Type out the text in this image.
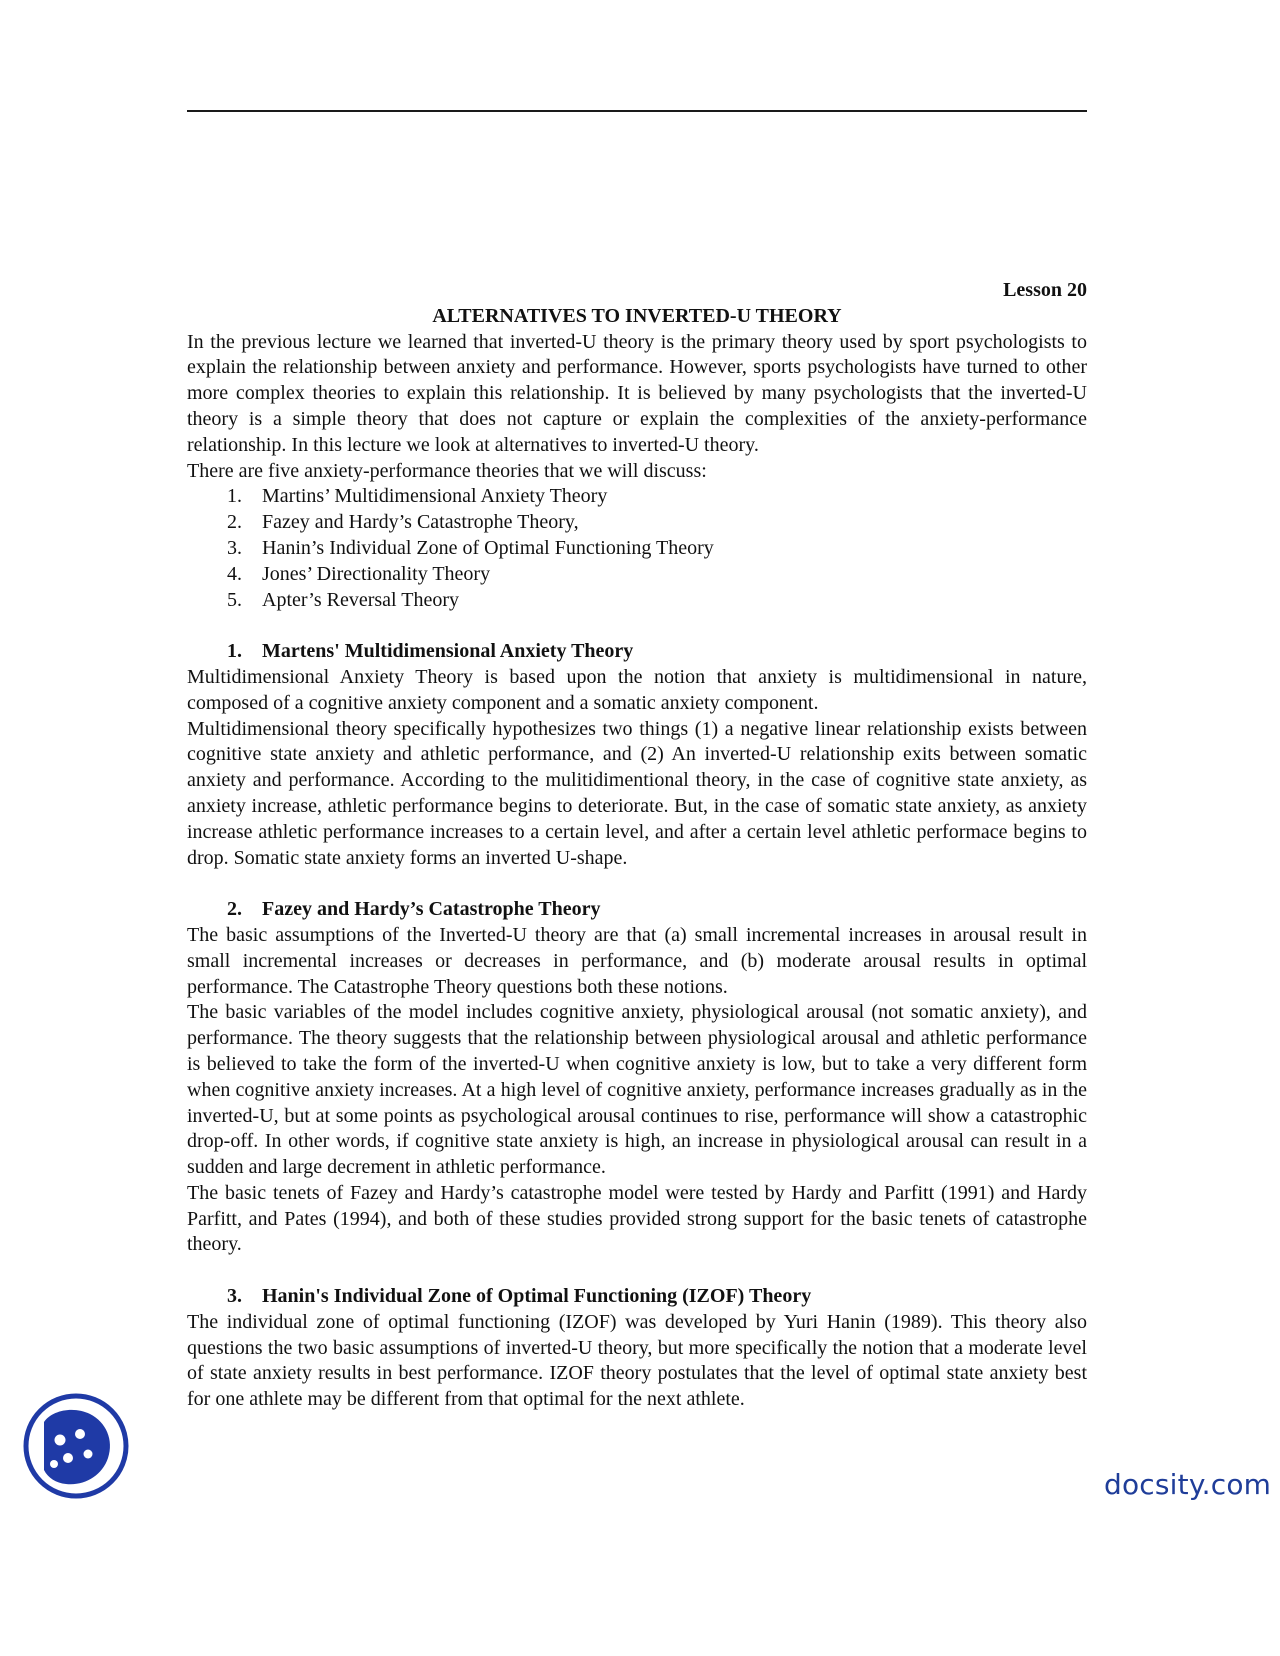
Lesson 20

ALTERNATIVES TO INVERTED-U THEORY

In the previous lecture we learned that inverted-U theory is the primary theory used by sport psychologists to explain the relationship between anxiety and performance. However, sports psychologists have turned to other more complex theories to explain this relationship. It is believed by many psychologists that the inverted-U theory is a simple theory that does not capture or explain the complexities of the anxiety-performance relationship. In this lecture we look at alternatives to inverted-U theory.

There are five anxiety-performance theories that we will discuss:

1. Martins’ Multidimensional Anxiety Theory
2. Fazey and Hardy’s Catastrophe Theory,
3. Hanin’s Individual Zone of Optimal Functioning Theory
4. Jones’ Directionality Theory
5. Apter’s Reversal Theory
1. Martens' Multidimensional Anxiety Theory

Multidimensional Anxiety Theory is based upon the notion that anxiety is multidimensional in nature, composed of a cognitive anxiety component and a somatic anxiety component.

Multidimensional theory specifically hypothesizes two things (1) a negative linear relationship exists between cognitive state anxiety and athletic performance, and (2) An inverted-U relationship exits between somatic anxiety and performance. According to the mulitidimentional theory, in the case of cognitive state anxiety, as anxiety increase, athletic performance begins to deteriorate. But, in the case of somatic state anxiety, as anxiety increase athletic performance increases to a certain level, and after a certain level athletic performace begins to drop. Somatic state anxiety forms an inverted U-shape.

2. Fazey and Hardy’s Catastrophe Theory

The basic assumptions of the Inverted-U theory are that (a) small incremental increases in arousal result in small incremental increases or decreases in performance, and (b) moderate arousal results in optimal performance. The Catastrophe Theory questions both these notions.

The basic variables of the model includes cognitive anxiety, physiological arousal (not somatic anxiety), and performance. The theory suggests that the relationship between physiological arousal and athletic performance is believed to take the form of the inverted-U when cognitive anxiety is low, but to take a very different form when cognitive anxiety increases. At a high level of cognitive anxiety, performance increases gradually as in the inverted-U, but at some points as psychological arousal continues to rise, performance will show a catastrophic drop-off. In other words, if cognitive state anxiety is high, an increase in physiological arousal can result in a sudden and large decrement in athletic performance.

The basic tenets of Fazey and Hardy’s catastrophe model were tested by Hardy and Parfitt (1991) and Hardy Parfitt, and Pates (1994), and both of these studies provided strong support for the basic tenets of catastrophe theory.

3. Hanin's Individual Zone of Optimal Functioning (IZOF) Theory

The individual zone of optimal functioning (IZOF) was developed by Yuri Hanin (1989). This theory also questions the two basic assumptions of inverted-U theory, but more specifically the notion that a moderate level of state anxiety results in best performance. IZOF theory postulates that the level of optimal state anxiety best for one athlete may be different from that optimal for the next athlete.

docsity.com
